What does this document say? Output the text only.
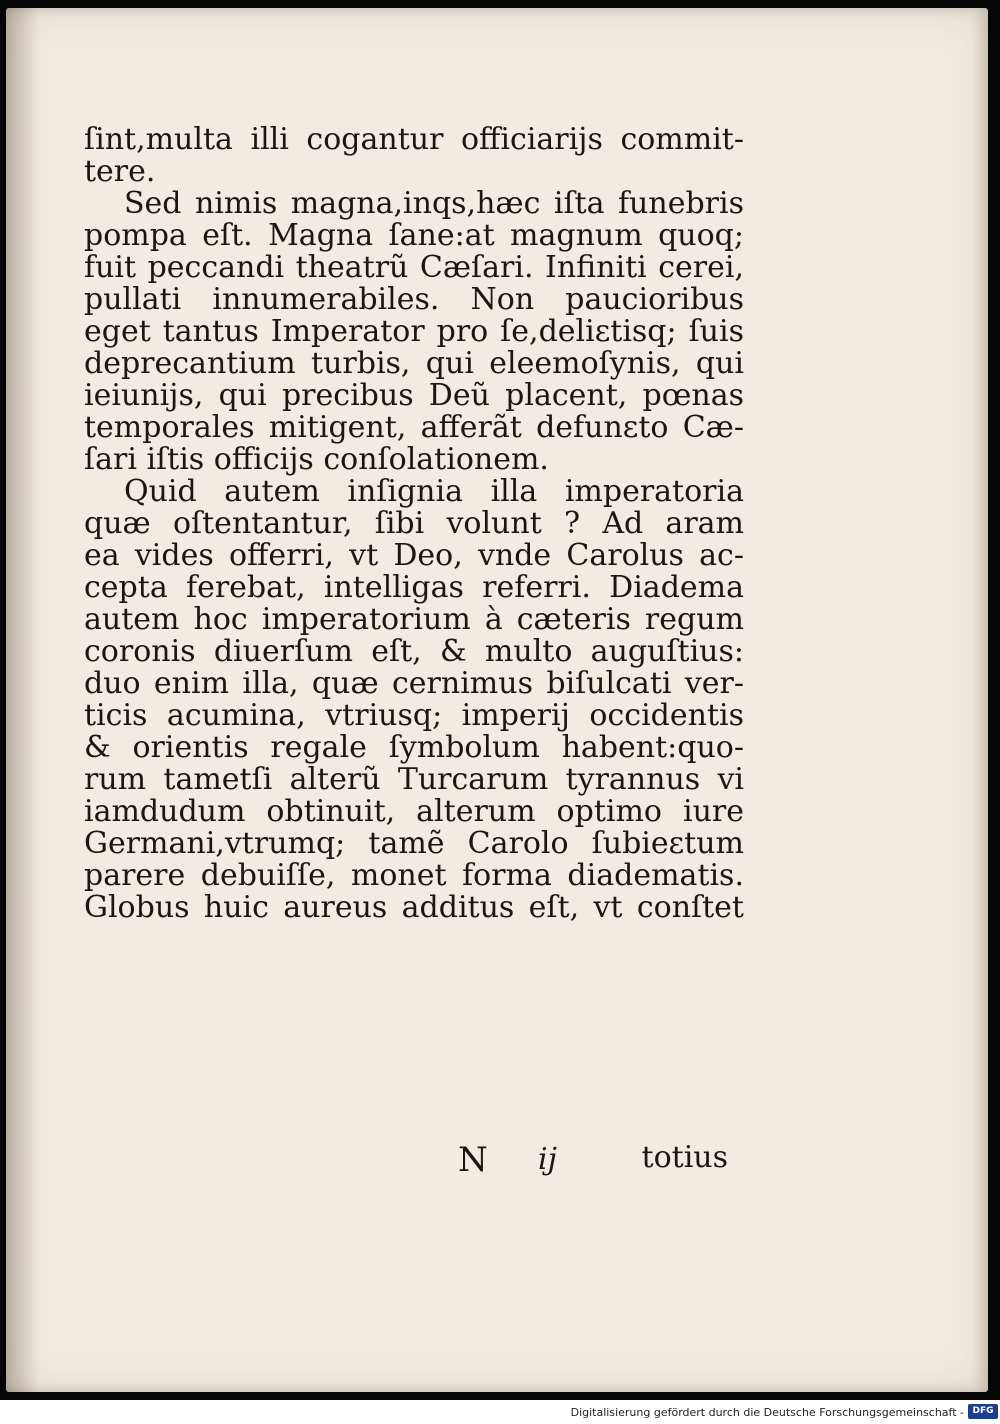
ſint,multa illi cogantur officiarijs commit-
tere.
Sed nimis magna,inqs,hæc iſta funebris
pompa eſt. Magna ſane:at magnum quoq;
fuit peccandi theatrũ Cæſari. Infiniti cerei,
pullati innumerabiles. Non paucioribus
eget tantus Imperator pro ſe,deliɛtisq; ſuis
deprecantium turbis, qui eleemoſynis, qui
ieiunijs, qui precibus Deũ placent, pœnas
temporales mitigent, afferãt defunɛto Cæ-
ſari iſtis officijs conſolationem.
Quid autem inſignia illa imperatoria
quæ oſtentantur, ſibi volunt ? Ad aram
ea vides offerri, vt Deo, vnde Carolus ac-
cepta ferebat, intelligas referri. Diadema
autem hoc imperatorium à cæteris regum
coronis diuerſum eſt, & multo auguſtius:
duo enim illa, quæ cernimus biſulcati ver-
ticis acumina, vtriusq; imperij occidentis
& orientis regale ſymbolum habent:quo-
rum tametſi alterũ Turcarum tyrannus vi
iamdudum obtinuit, alterum optimo iure
Germani,vtrumq; tamẽ Carolo ſubieɛtum
parere debuiſſe, monet forma diadematis.
Globus huic aureus additus eſt, vt conſtet
N ij	totius
Digitalisierung gefördert durch die Deutsche Forschungsgemeinschaft - DFG
